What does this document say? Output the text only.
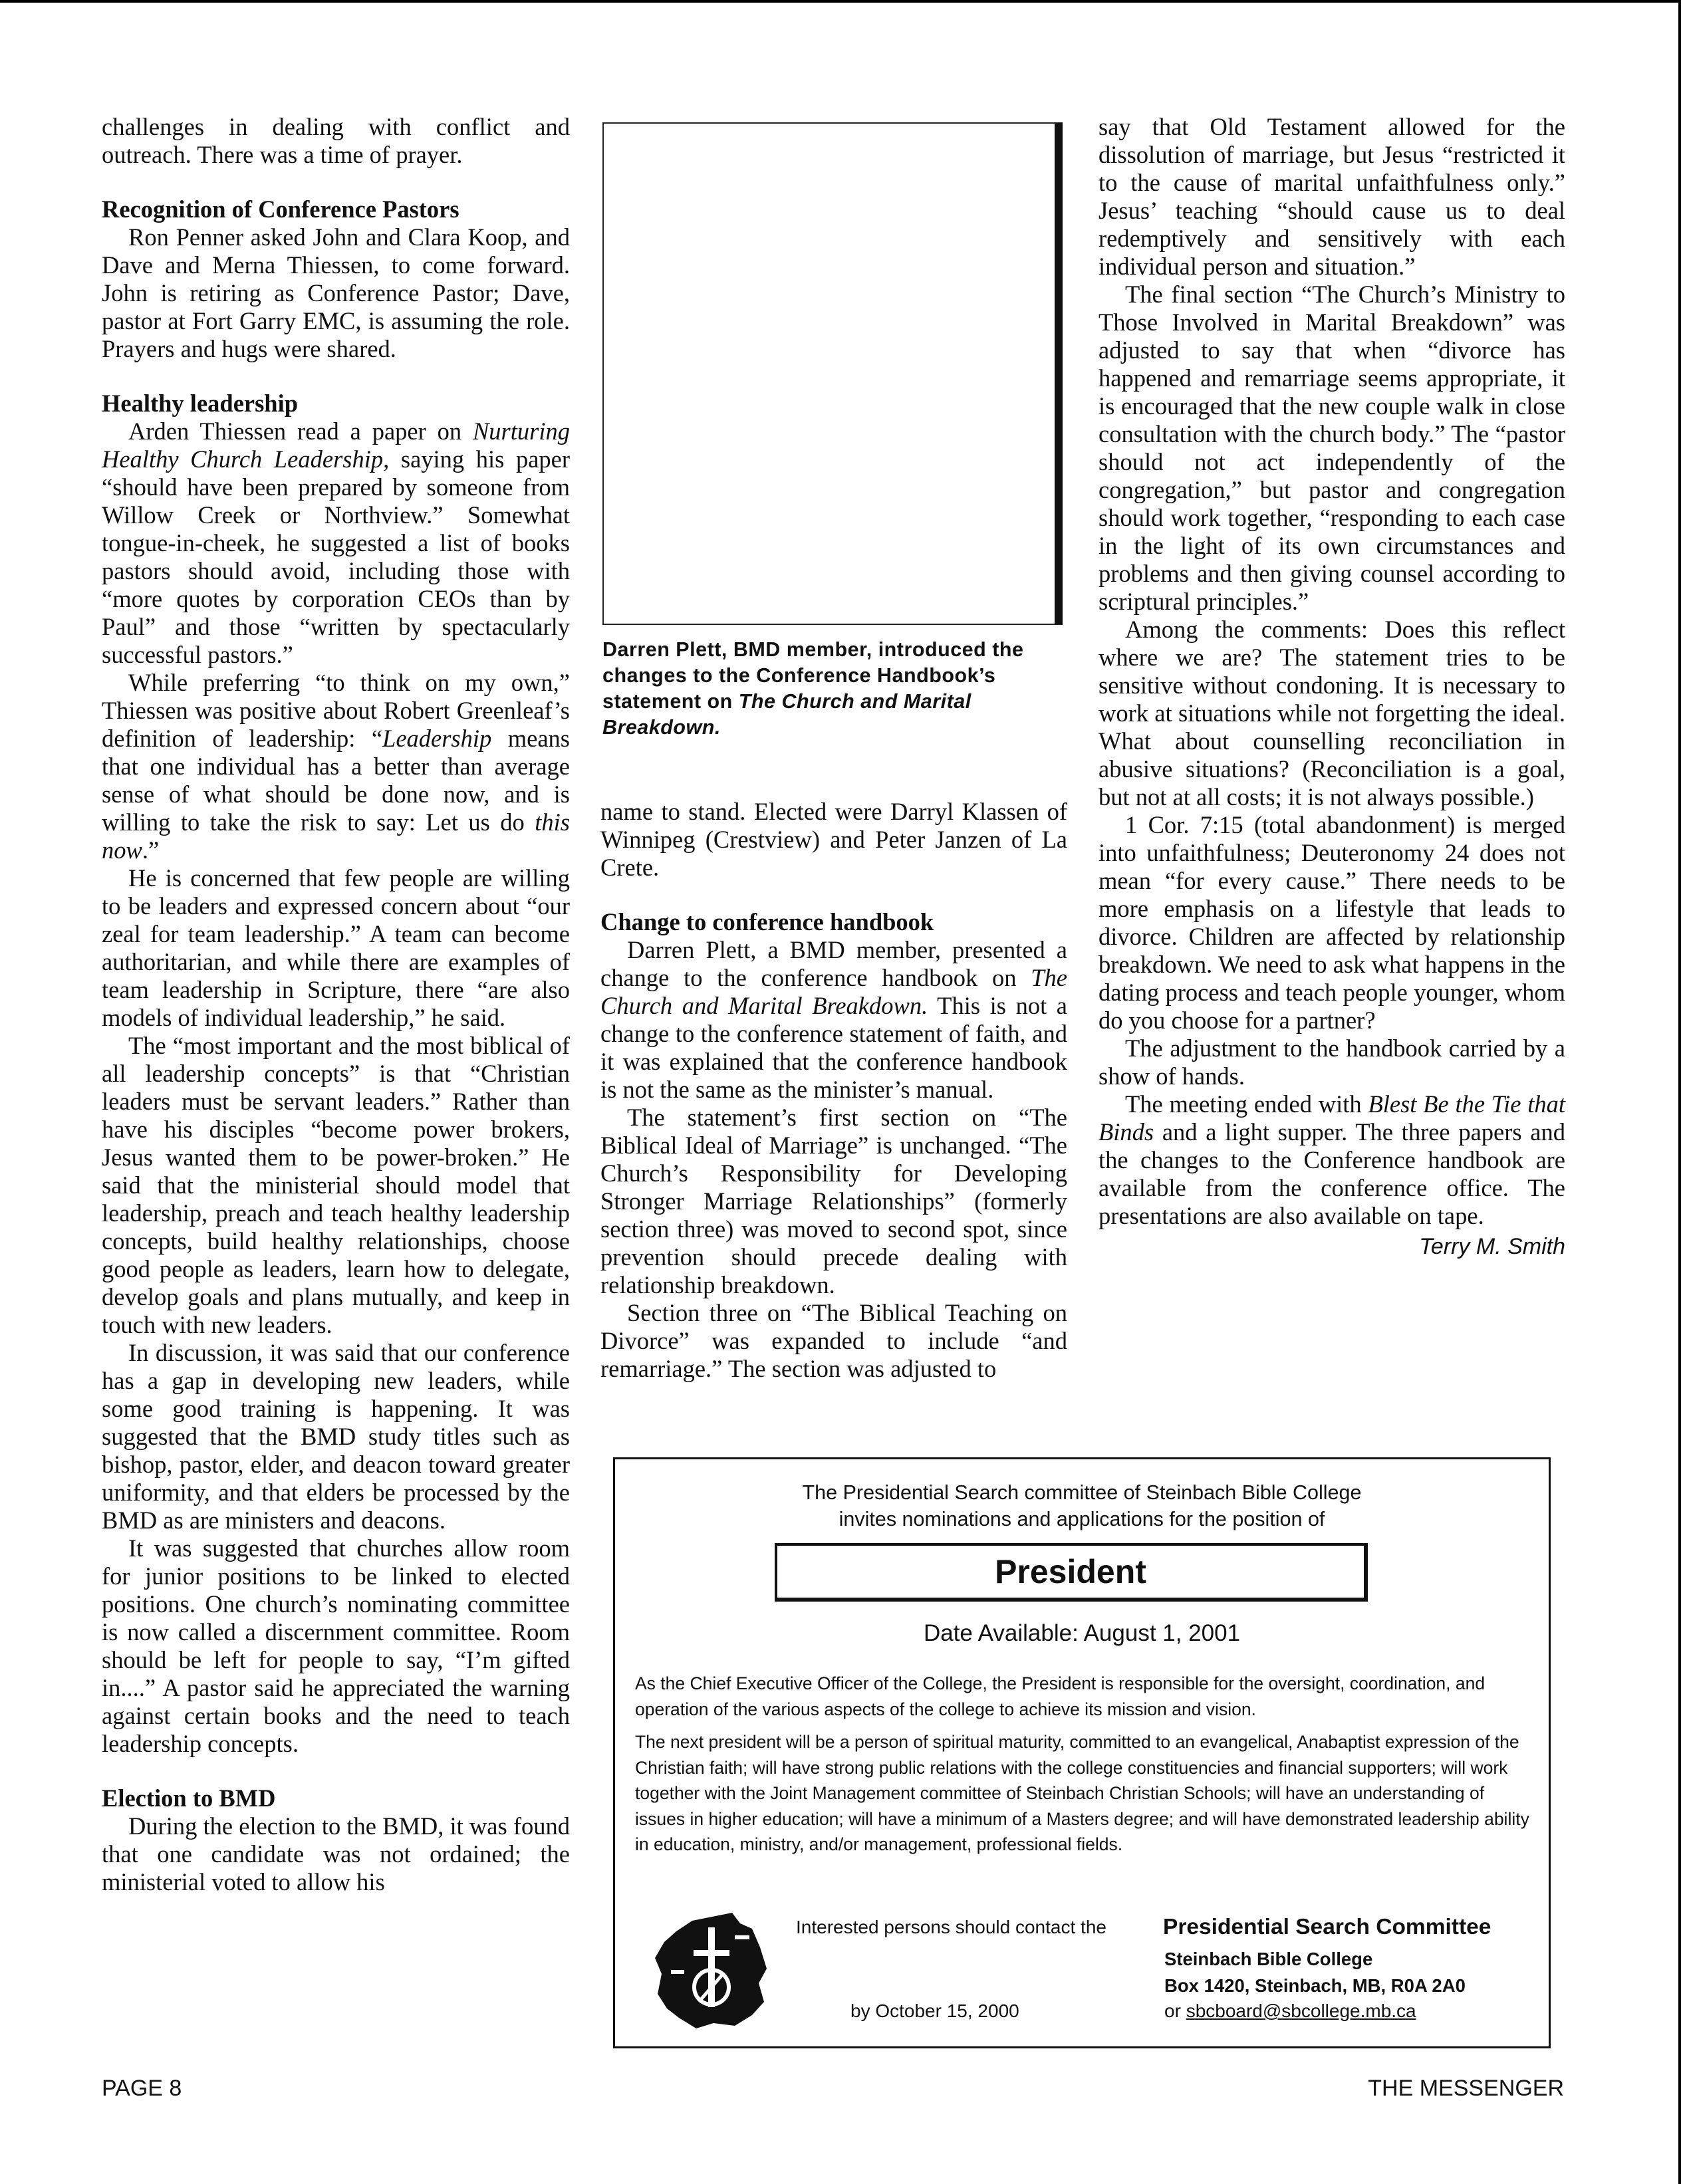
challenges in dealing with conflict and outreach. There was a time of prayer.

Recognition of Conference Pastors

Ron Penner asked John and Clara Koop, and Dave and Merna Thiessen, to come forward. John is retiring as Conference Pastor; Dave, pastor at Fort Garry EMC, is assuming the role. Prayers and hugs were shared.

Healthy leadership

Arden Thiessen read a paper on Nurturing Healthy Church Leadership, saying his paper “should have been prepared by someone from Willow Creek or Northview.” Somewhat tongue-in-cheek, he suggested a list of books pastors should avoid, including those with “more quotes by corporation CEOs than by Paul” and those “written by spectacularly successful pastors.”

While preferring “to think on my own,” Thiessen was positive about Robert Greenleaf’s definition of leadership: “Leadership means that one individual has a better than average sense of what should be done now, and is willing to take the risk to say: Let us do this now.”

He is concerned that few people are willing to be leaders and expressed concern about “our zeal for team leadership.” A team can become authoritarian, and while there are examples of team leadership in Scripture, there “are also models of individual leadership,” he said.

The “most important and the most biblical of all leadership concepts” is that “Christian leaders must be servant leaders.” Rather than have his disciples “become power brokers, Jesus wanted them to be power-broken.” He said that the ministerial should model that leadership, preach and teach healthy leadership concepts, build healthy relationships, choose good people as leaders, learn how to delegate, develop goals and plans mutually, and keep in touch with new leaders.

In discussion, it was said that our conference has a gap in developing new leaders, while some good training is happening. It was suggested that the BMD study titles such as bishop, pastor, elder, and deacon toward greater uniformity, and that elders be processed by the BMD as are ministers and deacons.

It was suggested that churches allow room for junior positions to be linked to elected positions. One church’s nominating committee is now called a discernment committee. Room should be left for people to say, “I’m gifted in....” A pastor said he appreciated the warning against certain books and the need to teach leadership concepts.

Election to BMD

During the election to the BMD, it was found that one candidate was not ordained; the ministerial voted to allow his

Darren Plett, BMD member, introduced the changes to the Conference Handbook’s statement on The Church and Marital Breakdown.

name to stand. Elected were Darryl Klassen of Winnipeg (Crestview) and Peter Janzen of La Crete.

Change to conference handbook

Darren Plett, a BMD member, presented a change to the conference handbook on The Church and Marital Breakdown. This is not a change to the conference statement of faith, and it was explained that the conference handbook is not the same as the minister’s manual.

The statement’s first section on “The Biblical Ideal of Marriage” is unchanged. “The Church’s Responsibility for Developing Stronger Marriage Relationships” (formerly section three) was moved to second spot, since prevention should precede dealing with relationship breakdown.

Section three on “The Biblical Teaching on Divorce” was expanded to include “and remarriage.” The section was adjusted to

say that Old Testament allowed for the dissolution of marriage, but Jesus “restricted it to the cause of marital unfaithfulness only.” Jesus’ teaching “should cause us to deal redemptively and sensitively with each individual person and situation.”

The final section “The Church’s Ministry to Those Involved in Marital Breakdown” was adjusted to say that when “divorce has happened and remarriage seems appropriate, it is encouraged that the new couple walk in close consultation with the church body.” The “pastor should not act independently of the congregation,” but pastor and congregation should work together, “responding to each case in the light of its own circumstances and problems and then giving counsel according to scriptural principles.”

Among the comments: Does this reflect where we are? The statement tries to be sensitive without condoning. It is necessary to work at situations while not forgetting the ideal. What about counselling reconciliation in abusive situations? (Reconciliation is a goal, but not at all costs; it is not always possible.)

1 Cor. 7:15 (total abandonment) is merged into unfaithfulness; Deuteronomy 24 does not mean “for every cause.” There needs to be more emphasis on a lifestyle that leads to divorce. Children are affected by relationship breakdown. We need to ask what happens in the dating process and teach people younger, whom do you choose for a partner?

The adjustment to the handbook carried by a show of hands.

The meeting ended with Blest Be the Tie that Binds and a light supper. The three papers and the changes to the Conference handbook are available from the conference office. The presentations are also available on tape.

Terry M. Smith

The Presidential Search committee of Steinbach Bible College
invites nominations and applications for the position of
President
Date Available: August 1, 2001

As the Chief Executive Officer of the College, the President is responsible for the oversight, coordination, and operation of the various aspects of the college to achieve its mission and vision.

The next president will be a person of spiritual maturity, committed to an evangelical, Anabaptist expression of the Christian faith; will have strong public relations with the college constituencies and financial supporters; will work together with the Joint Management committee of Steinbach Christian Schools; will have an understanding of issues in higher education; will have a minimum of a Masters degree; and will have demonstrated leadership ability in education, ministry, and/or management, professional fields.

Interested persons should contact the
by October 15, 2000
Presidential Search Committee
Steinbach Bible College
Box 1420, Steinbach, MB, R0A 2A0
or sbcboard@sbcollege.mb.ca
PAGE 8	THE MESSENGER
